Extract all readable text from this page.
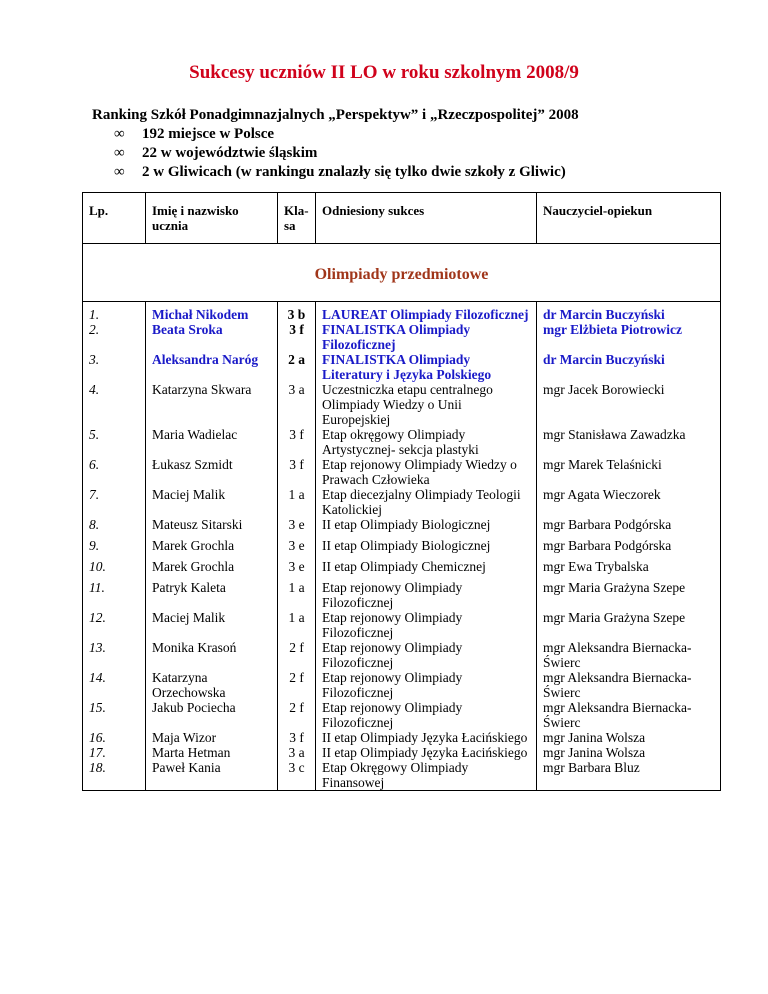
Sukcesy uczniów II LO w roku szkolnym 2008/9
Ranking Szkół Ponadgimnazjalnych „Perspektyw” i „Rzeczpospolitej” 2008
∞ 192 miejsce w Polsce
∞ 22 w województwie śląskim
∞ 2 w Gliwicach (w rankingu znalazły się tylko dwie szkoły z Gliwic)
Lp.	Imię i nazwisko ucznia	Kla-sa	Odniesiony sukces	Nauczyciel-opiekun
Olimpiady przedmiotowe				
1.	Michał Nikodem	3 b	LAUREAT Olimpiady Filozoficznej	dr Marcin Buczyński
2.	Beata Sroka	3 f	FINALISTKA Olimpiady Filozoficznej	mgr Elżbieta Piotrowicz
3.	Aleksandra Naróg	2 a	FINALISTKA Olimpiady Literatury i Języka Polskiego	dr Marcin Buczyński
4.	Katarzyna Skwara	3 a	Uczestniczka etapu centralnego Olimpiady Wiedzy o Unii Europejskiej	mgr Jacek Borowiecki
5.	Maria Wadielac	3 f	Etap okręgowy Olimpiady Artystycznej- sekcja plastyki	mgr Stanisława Zawadzka
6.	Łukasz Szmidt	3 f	Etap rejonowy Olimpiady Wiedzy o Prawach Człowieka	mgr Marek Telaśnicki
7.	Maciej Malik	1 a	Etap diecezjalny Olimpiady Teologii Katolickiej	mgr Agata Wieczorek
8.	Mateusz Sitarski	3 e	II etap Olimpiady Biologicznej	mgr Barbara Podgórska

9.	Marek Grochla	3 e	II etap Olimpiady Biologicznej	mgr Barbara Podgórska

10.	Marek Grochla	3 e	II etap Olimpiady Chemicznej	mgr Ewa Trybalska

11.	Patryk Kaleta	1 a	Etap rejonowy Olimpiady Filozoficznej	mgr Maria Grażyna Szepe
12.	Maciej Malik	1 a	Etap rejonowy Olimpiady Filozoficznej	mgr Maria Grażyna Szepe
13.	Monika Krasoń	2 f	Etap rejonowy Olimpiady Filozoficznej	mgr Aleksandra Biernacka-Świerc
14.	Katarzyna Orzechowska	2 f	Etap rejonowy Olimpiady Filozoficznej	mgr Aleksandra Biernacka-Świerc
15.	Jakub Pociecha	2 f	Etap rejonowy Olimpiady Filozoficznej	mgr Aleksandra Biernacka-Świerc
16.	Maja Wizor	3 f	II etap Olimpiady Języka Łacińskiego	mgr Janina Wolsza
17.	Marta Hetman	3 a	II etap Olimpiady Języka Łacińskiego	mgr Janina Wolsza
18.	Paweł Kania	3 c	Etap Okręgowy Olimpiady Finansowej	mgr Barbara Bluz
